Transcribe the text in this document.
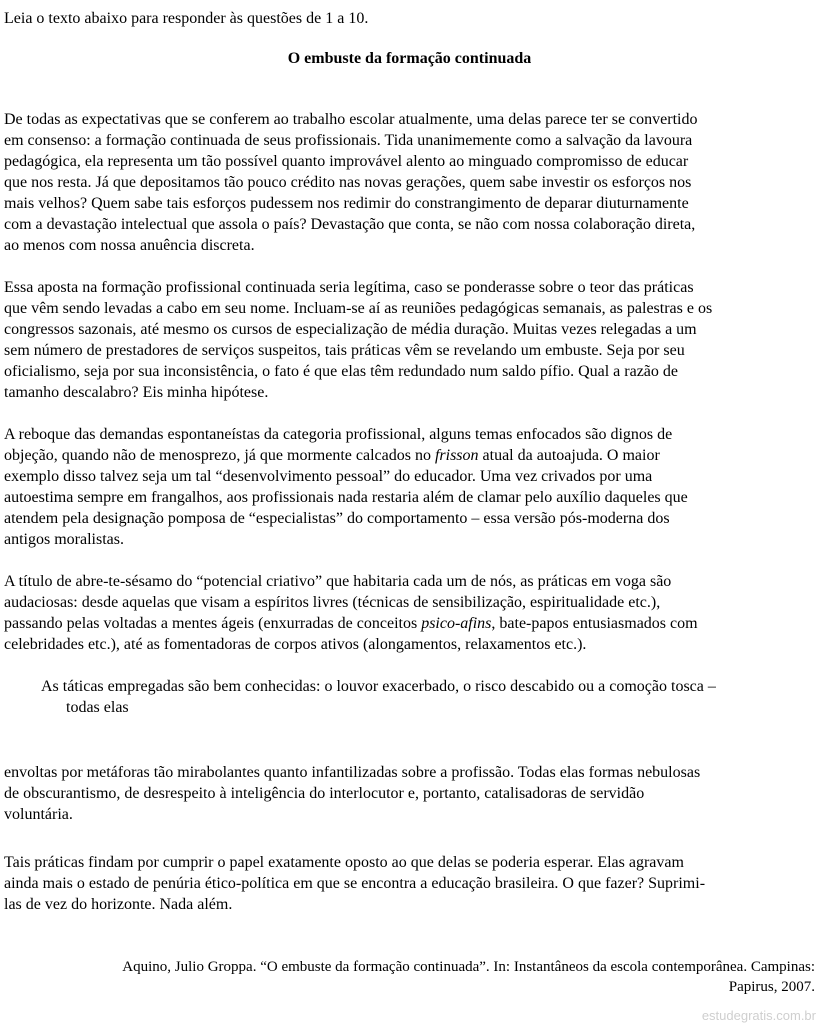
Leia o texto abaixo para responder às questões de 1 a 10.

O embuste da formação continuada

De todas as expectativas que se conferem ao trabalho escolar atualmente, uma delas parece ter se convertido
em consenso: a formação continuada de seus profissionais. Tida unanimemente como a salvação da lavoura
pedagógica, ela representa um tão possível quanto improvável alento ao minguado compromisso de educar
que nos resta. Já que depositamos tão pouco crédito nas novas gerações, quem sabe investir os esforços nos
mais velhos? Quem sabe tais esforços pudessem nos redimir do constrangimento de deparar diuturnamente
com a devastação intelectual que assola o país? Devastação que conta, se não com nossa colaboração direta,
ao menos com nossa anuência discreta.

Essa aposta na formação profissional continuada seria legítima, caso se ponderasse sobre o teor das práticas
que vêm sendo levadas a cabo em seu nome. Incluam-se aí as reuniões pedagógicas semanais, as palestras e os
congressos sazonais, até mesmo os cursos de especialização de média duração. Muitas vezes relegadas a um
sem número de prestadores de serviços suspeitos, tais práticas vêm se revelando um embuste. Seja por seu
oficialismo, seja por sua inconsistência, o fato é que elas têm redundado num saldo pífio. Qual a razão de
tamanho descalabro? Eis minha hipótese.

A reboque das demandas espontaneístas da categoria profissional, alguns temas enfocados são dignos de
objeção, quando não de menosprezo, já que mormente calcados no frisson atual da autoajuda. O maior
exemplo disso talvez seja um tal “desenvolvimento pessoal” do educador. Uma vez crivados por uma
autoestima sempre em frangalhos, aos profissionais nada restaria além de clamar pelo auxílio daqueles que
atendem pela designação pomposa de “especialistas” do comportamento – essa versão pós-moderna dos
antigos moralistas.

A título de abre-te-sésamo do “potencial criativo” que habitaria cada um de nós, as práticas em voga são
audaciosas: desde aquelas que visam a espíritos livres (técnicas de sensibilização, espiritualidade etc.),
passando pelas voltadas a mentes ágeis (enxurradas de conceitos psico-afins, bate-papos entusiasmados com
celebridades etc.), até as fomentadoras de corpos ativos (alongamentos, relaxamentos etc.).

As táticas empregadas são bem conhecidas: o louvor exacerbado, o risco descabido ou a comoção tosca –
todas elas

envoltas por metáforas tão mirabolantes quanto infantilizadas sobre a profissão. Todas elas formas nebulosas
de obscurantismo, de desrespeito à inteligência do interlocutor e, portanto, catalisadoras de servidão
voluntária.

Tais práticas findam por cumprir o papel exatamente oposto ao que delas se poderia esperar. Elas agravam
ainda mais o estado de penúria ético-política em que se encontra a educação brasileira. O que fazer? Suprimi-
las de vez do horizonte. Nada além.

Aquino, Julio Groppa. “O embuste da formação continuada”. In: Instantâneos da escola contemporânea. Campinas:
Papirus, 2007.

estudegratis.com.br
